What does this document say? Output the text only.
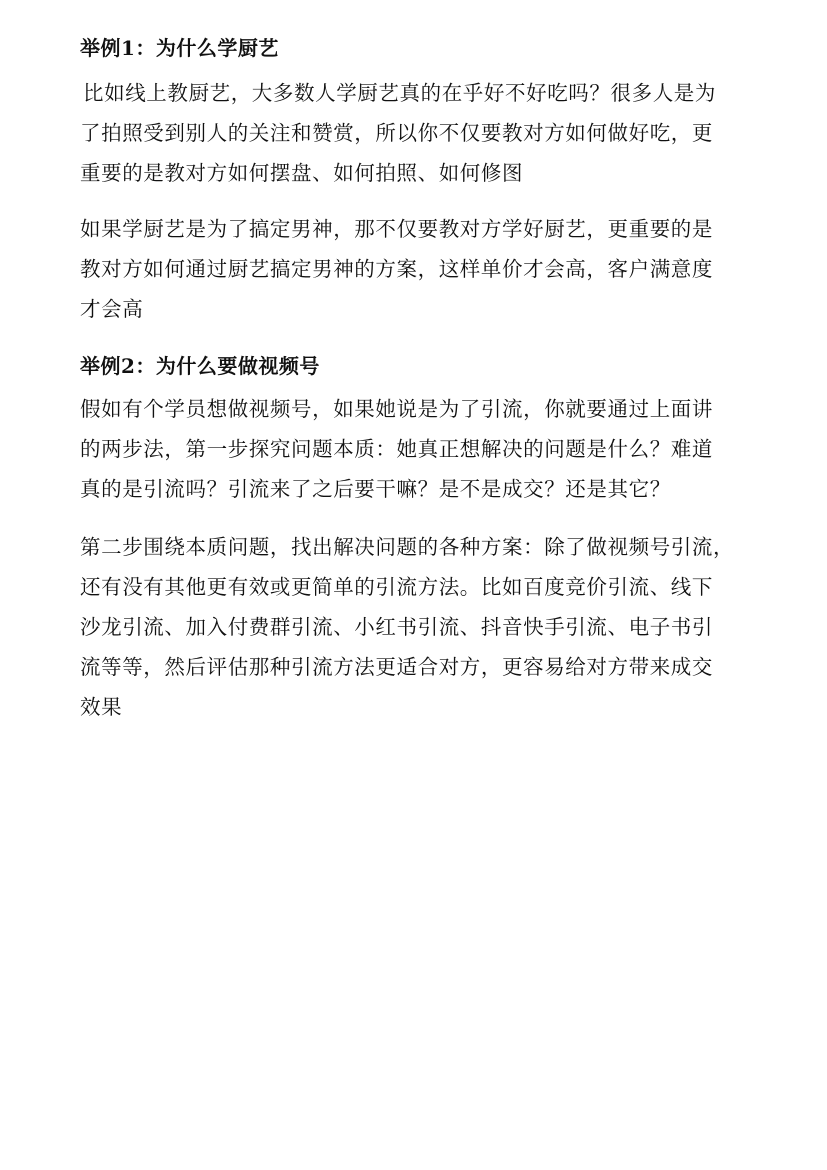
举例1：为什么学厨艺
比如线上教厨艺，大多数人学厨艺真的在乎好不好吃吗？很多人是为
了拍照受到别人的关注和赞赏，所以你不仅要教对方如何做好吃，更
重要的是教对方如何摆盘、如何拍照、如何修图
如果学厨艺是为了搞定男神，那不仅要教对方学好厨艺，更重要的是
教对方如何通过厨艺搞定男神的方案，这样单价才会高，客户满意度
才会高
举例2：为什么要做视频号
假如有个学员想做视频号，如果她说是为了引流，你就要通过上面讲
的两步法，第一步探究问题本质：她真正想解决的问题是什么？难道
真的是引流吗？引流来了之后要干嘛？是不是成交？还是其它？
第二步围绕本质问题，找出解决问题的各种方案：除了做视频号引流，
还有没有其他更有效或更简单的引流方法。比如百度竞价引流、线下
沙龙引流、加入付费群引流、小红书引流、抖音快手引流、电子书引
流等等，然后评估那种引流方法更适合对方，更容易给对方带来成交
效果
